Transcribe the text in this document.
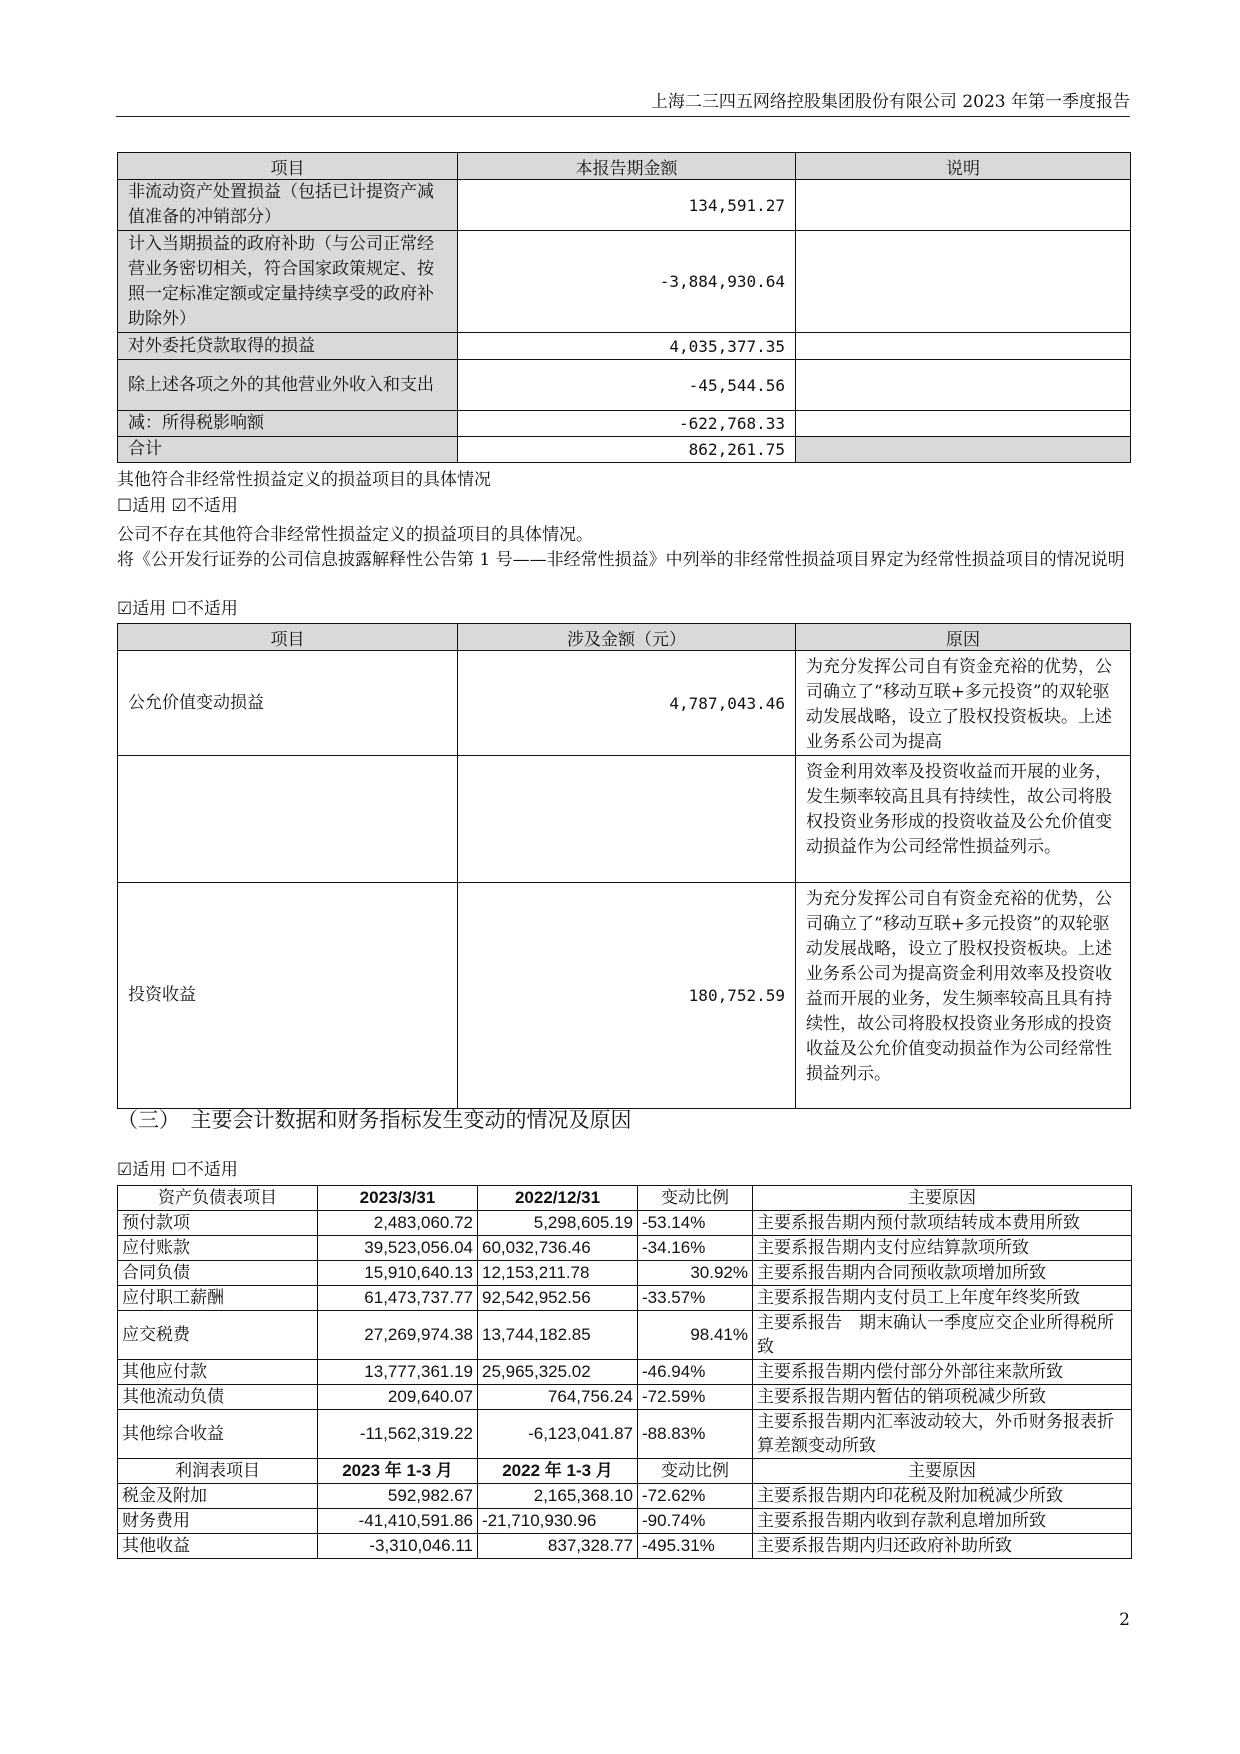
上海二三四五网络控股集团股份有限公司 2023 年第一季度报告
项目	本报告期金额	说明
非流动资产处置损益（包括已计提资产减值准备的冲销部分）	134,591.27	
计入当期损益的政府补助（与公司正常经营业务密切相关，符合国家政策规定、按照一定标准定额或定量持续享受的政府补助除外）	-3,884,930.64	
对外委托贷款取得的损益	4,035,377.35	
除上述各项之外的其他营业外收入和支出	-45,544.56	
减：所得税影响额	-622,768.33	
合计	862,261.75	
其他符合非经常性损益定义的损益项目的具体情况
☐适用 ☑不适用
公司不存在其他符合非经常性损益定义的损益项目的具体情况。
将《公开发行证券的公司信息披露解释性公告第 1 号——非经常性损益》中列举的非经常性损益项目界定为经常性损益项目的情况说明
☑适用 ☐不适用
项目	涉及金额（元）	原因
公允价值变动损益	4,787,043.46	为充分发挥公司自有资金充裕的优势，公司确立了“移动互联+多元投资”的双轮驱动发展战略，设立了股权投资板块。上述业务系公司为提高
		资金利用效率及投资收益而开展的业务，发生频率较高且具有持续性，故公司将股权投资业务形成的投资收益及公允价值变动损益作为公司经常性损益列示。
投资收益	180,752.59	为充分发挥公司自有资金充裕的优势，公司确立了“移动互联+多元投资”的双轮驱动发展战略，设立了股权投资板块。上述业务系公司为提高资金利用效率及投资收益而开展的业务，发生频率较高且具有持续性，故公司将股权投资业务形成的投资收益及公允价值变动损益作为公司经常性损益列示。
（三）　主要会计数据和财务指标发生变动的情况及原因
☑适用 ☐不适用
资产负债表项目	2023/3/31	2022/12/31	变动比例	主要原因
预付款项	2,483,060.72	5,298,605.19	-53.14%	主要系报告期内预付款项结转成本费用所致
应付账款	39,523,056.04	60,032,736.46	-34.16%	主要系报告期内支付应结算款项所致
合同负债	15,910,640.13	12,153,211.78	30.92%	主要系报告期内合同预收款项增加所致
应付职工薪酬	61,473,737.77	92,542,952.56	-33.57%	主要系报告期内支付员工上年度年终奖所致
应交税费	27,269,974.38	13,744,182.85	98.41%	主要系报告　期末确认一季度应交企业所得税所致
其他应付款	13,777,361.19	25,965,325.02	-46.94%	主要系报告期内偿付部分外部往来款所致
其他流动负债	209,640.07	764,756.24	-72.59%	主要系报告期内暂估的销项税减少所致
其他综合收益	-11,562,319.22	-6,123,041.87	-88.83%	主要系报告期内汇率波动较大，外币财务报表折算差额变动所致
利润表项目	2023 年 1-3 月	2022 年 1-3 月	变动比例	主要原因
税金及附加	592,982.67	2,165,368.10	-72.62%	主要系报告期内印花税及附加税减少所致
财务费用	-41,410,591.86	-21,710,930.96	-90.74%	主要系报告期内收到存款利息增加所致
其他收益	-3,310,046.11	837,328.77	-495.31%	主要系报告期内归还政府补助所致
2
